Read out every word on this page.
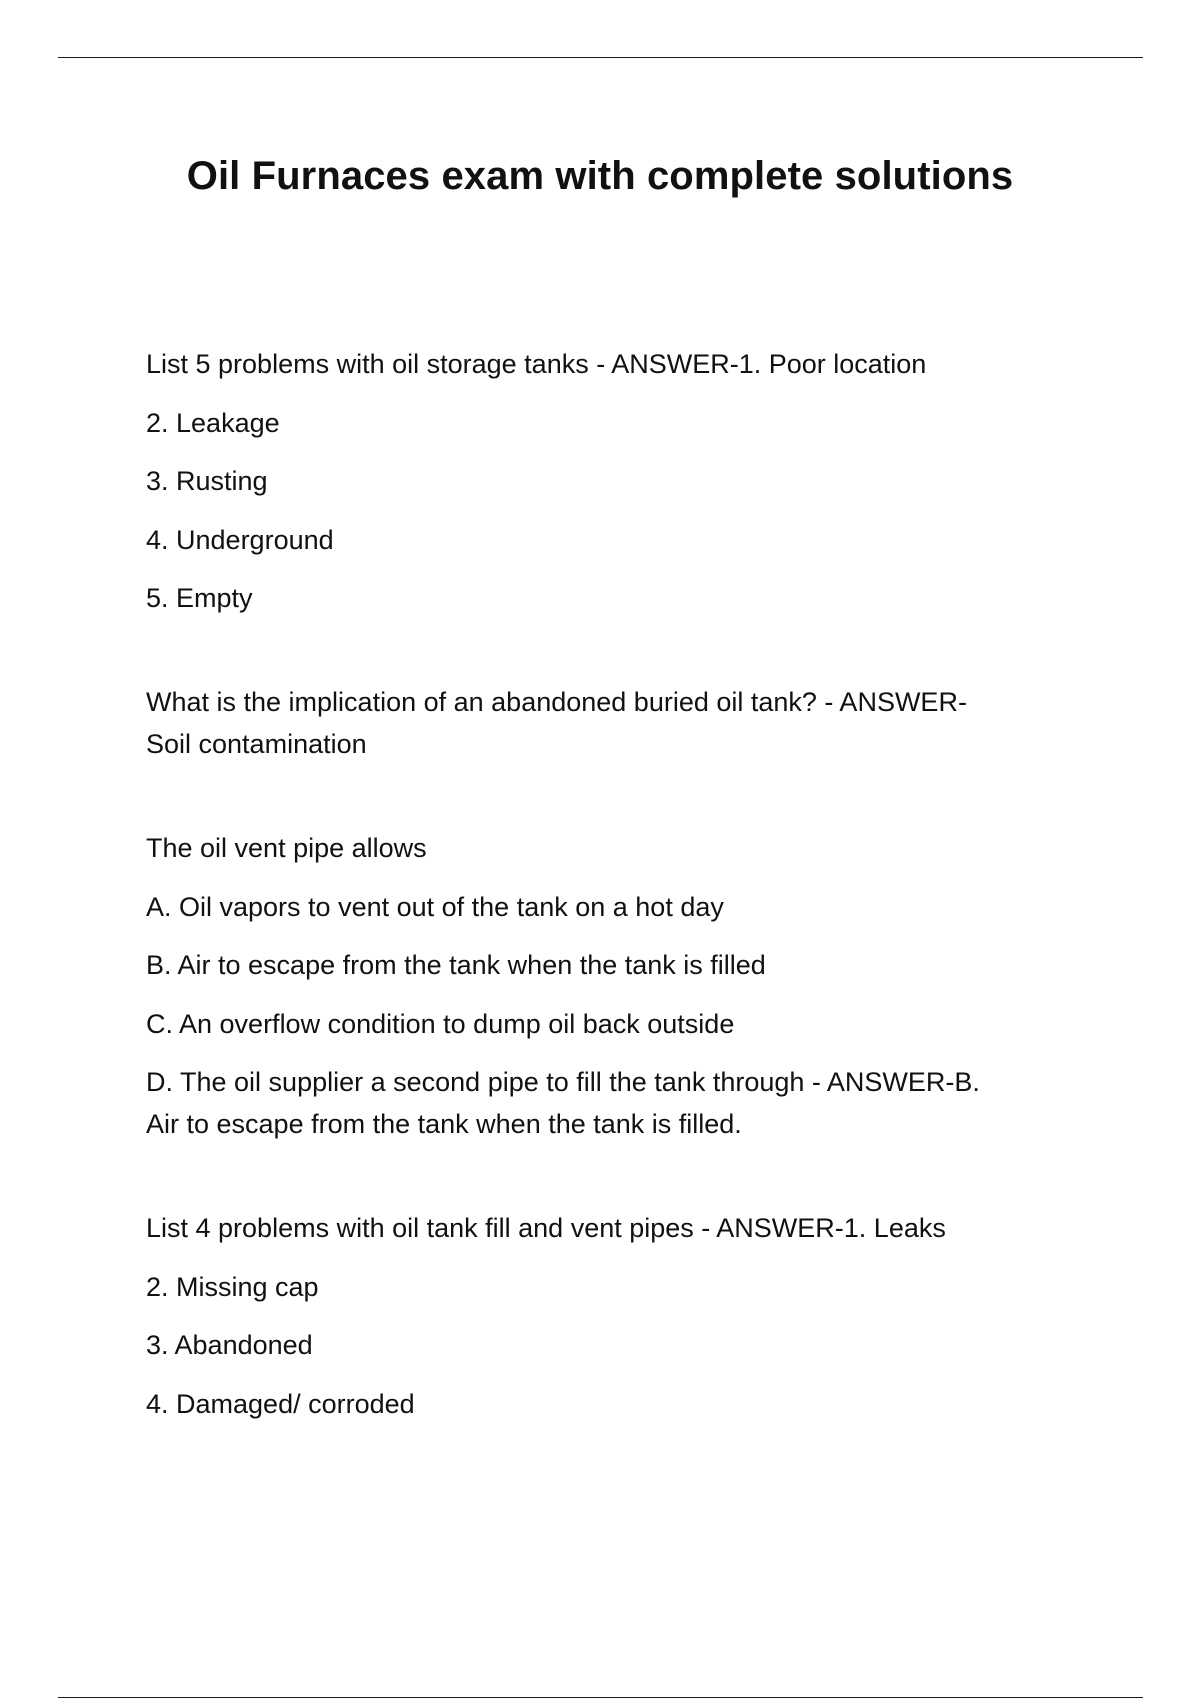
Oil Furnaces exam with complete solutions

List 5 problems with oil storage tanks - ANSWER-1. Poor location

2. Leakage

3. Rusting

4. Underground

5. Empty

What is the implication of an abandoned buried oil tank? - ANSWER-
Soil contamination

The oil vent pipe allows

A. Oil vapors to vent out of the tank on a hot day

B. Air to escape from the tank when the tank is filled

C. An overflow condition to dump oil back outside

D. The oil supplier a second pipe to fill the tank through - ANSWER-B.
Air to escape from the tank when the tank is filled.

List 4 problems with oil tank fill and vent pipes - ANSWER-1. Leaks

2. Missing cap

3. Abandoned

4. Damaged/ corroded
